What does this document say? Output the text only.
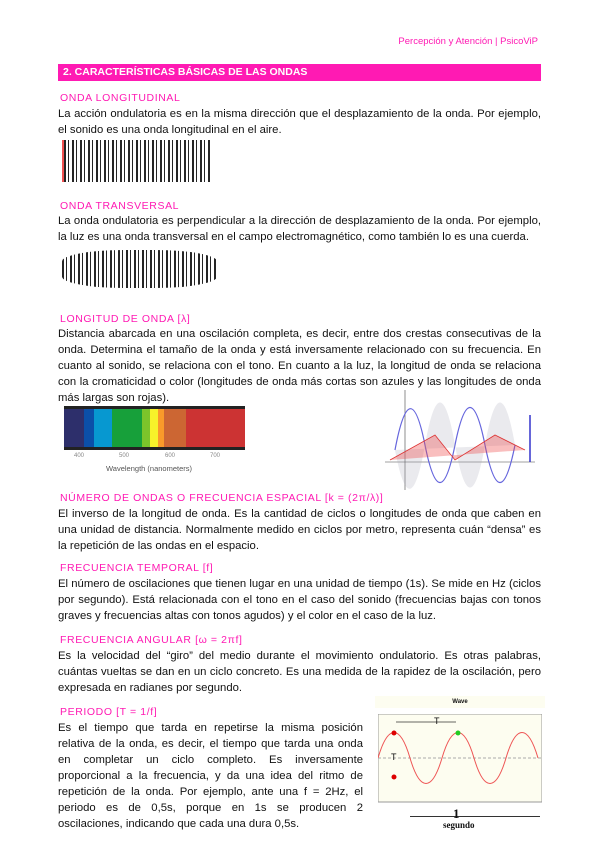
Percepción y Atención | PsicoViP
2. CARACTERÍSTICAS BÁSICAS DE LAS ONDAS
ONDA LONGITUDINAL
La acción ondulatoria es en la misma dirección que el desplazamiento de la onda. Por ejemplo, el sonido es una onda longitudinal en el aire.
ONDA TRANSVERSAL
La onda ondulatoria es perpendicular a la dirección de desplazamiento de la onda. Por ejemplo, la luz es una onda transversal en el campo electromagnético, como también lo es una cuerda.
LONGITUD DE ONDA [λ]
Distancia abarcada en una oscilación completa, es decir, entre dos crestas consecutivas de la onda. Determina el tamaño de la onda y está inversamente relacionado con su frecuencia. En cuanto al sonido, se relaciona con el tono. En cuanto a la luz, la longitud de onda se relaciona con la cromaticidad o color (longitudes de onda más cortas son azules y las longitudes de onda más largas son rojas).
400	500	600	700
Wavelength (nanometers)
NÚMERO DE ONDAS O FRECUENCIA ESPACIAL [k = (2π/λ)]
El inverso de la longitud de onda. Es la cantidad de ciclos o longitudes de onda que caben en una unidad de distancia. Normalmente medido en ciclos por metro, representa cuán “densa” es la repetición de las ondas en el espacio.
FRECUENCIA TEMPORAL [f]
El número de oscilaciones que tienen lugar en una unidad de tiempo (1s). Se mide en Hz (ciclos por segundo). Está relacionada con el tono en el caso del sonido (frecuencias bajas con tonos graves y frecuencias altas con tonos agudos) y el color en el caso de la luz.
FRECUENCIA ANGULAR [ω = 2πf]
Es la velocidad del “giro” del medio durante el movimiento ondulatorio. Es otras palabras, cuántas vueltas se dan en un ciclo concreto. Es una medida de la rapidez de la oscilación, pero expresada en radianes por segundo.
PERIODO [T = 1/f]
Es el tiempo que tarda en repetirse la misma posición relativa de la onda, es decir, el tiempo que tarda una onda en completar un ciclo completo. Es inversamente proporcional a la frecuencia, y da una idea del ritmo de repetición de la onda. Por ejemplo, ante una f = 2Hz, el periodo es de 0,5s, porque en 1s se producen 2 oscilaciones, indicando que cada una dura 0,5s.
Wave
T
T
1
segundo
